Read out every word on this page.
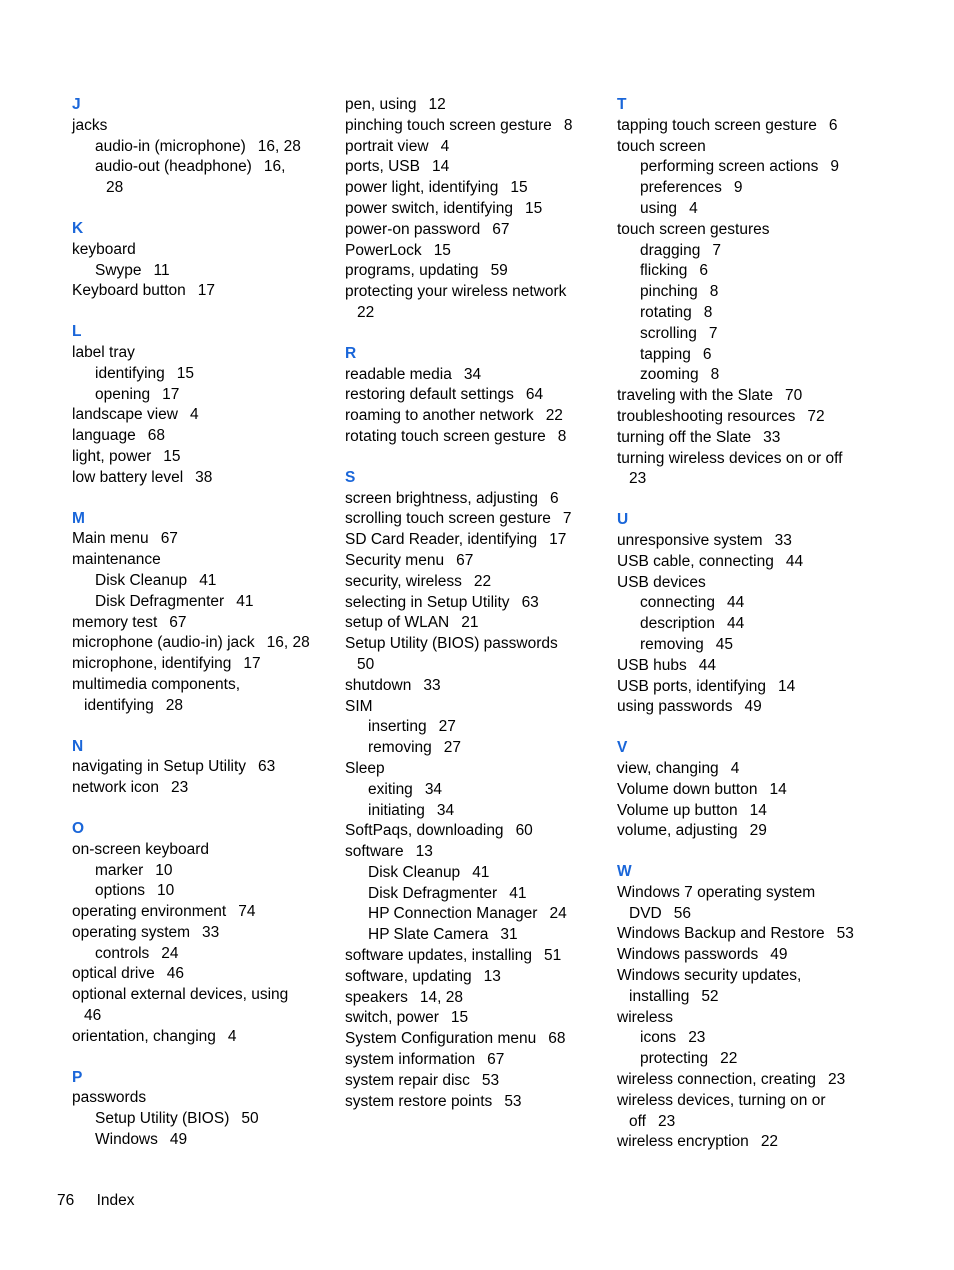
J
jacks
audio-in (microphone) 16, 28
audio-out (headphone) 16,
28
K
keyboard
Swype 11
Keyboard button 17
L
label tray
identifying 15
opening 17
landscape view 4
language 68
light, power 15
low battery level 38
M
Main menu 67
maintenance
Disk Cleanup 41
Disk Defragmenter 41
memory test 67
microphone (audio-in) jack 16, 28
microphone, identifying 17
multimedia components,
identifying 28
N
navigating in Setup Utility 63
network icon 23
O
on-screen keyboard
marker 10
options 10
operating environment 74
operating system 33
controls 24
optical drive 46
optional external devices, using
46
orientation, changing 4
P
passwords
Setup Utility (BIOS) 50
Windows 49
pen, using 12
pinching touch screen gesture 8
portrait view 4
ports, USB 14
power light, identifying 15
power switch, identifying 15
power-on password 67
PowerLock 15
programs, updating 59
protecting your wireless network
22
R
readable media 34
restoring default settings 64
roaming to another network 22
rotating touch screen gesture 8
S
screen brightness, adjusting 6
scrolling touch screen gesture 7
SD Card Reader, identifying 17
Security menu 67
security, wireless 22
selecting in Setup Utility 63
setup of WLAN 21
Setup Utility (BIOS) passwords
50
shutdown 33
SIM
inserting 27
removing 27
Sleep
exiting 34
initiating 34
SoftPaqs, downloading 60
software 13
Disk Cleanup 41
Disk Defragmenter 41
HP Connection Manager 24
HP Slate Camera 31
software updates, installing 51
software, updating 13
speakers 14, 28
switch, power 15
System Configuration menu 68
system information 67
system repair disc 53
system restore points 53
T
tapping touch screen gesture 6
touch screen
performing screen actions 9
preferences 9
using 4
touch screen gestures
dragging 7
flicking 6
pinching 8
rotating 8
scrolling 7
tapping 6
zooming 8
traveling with the Slate 70
troubleshooting resources 72
turning off the Slate 33
turning wireless devices on or off
23
U
unresponsive system 33
USB cable, connecting 44
USB devices
connecting 44
description 44
removing 45
USB hubs 44
USB ports, identifying 14
using passwords 49
V
view, changing 4
Volume down button 14
Volume up button 14
volume, adjusting 29
W
Windows 7 operating system
DVD 56
Windows Backup and Restore 53
Windows passwords 49
Windows security updates,
installing 52
wireless
icons 23
protecting 22
wireless connection, creating 23
wireless devices, turning on or
off 23
wireless encryption 22
76 Index
